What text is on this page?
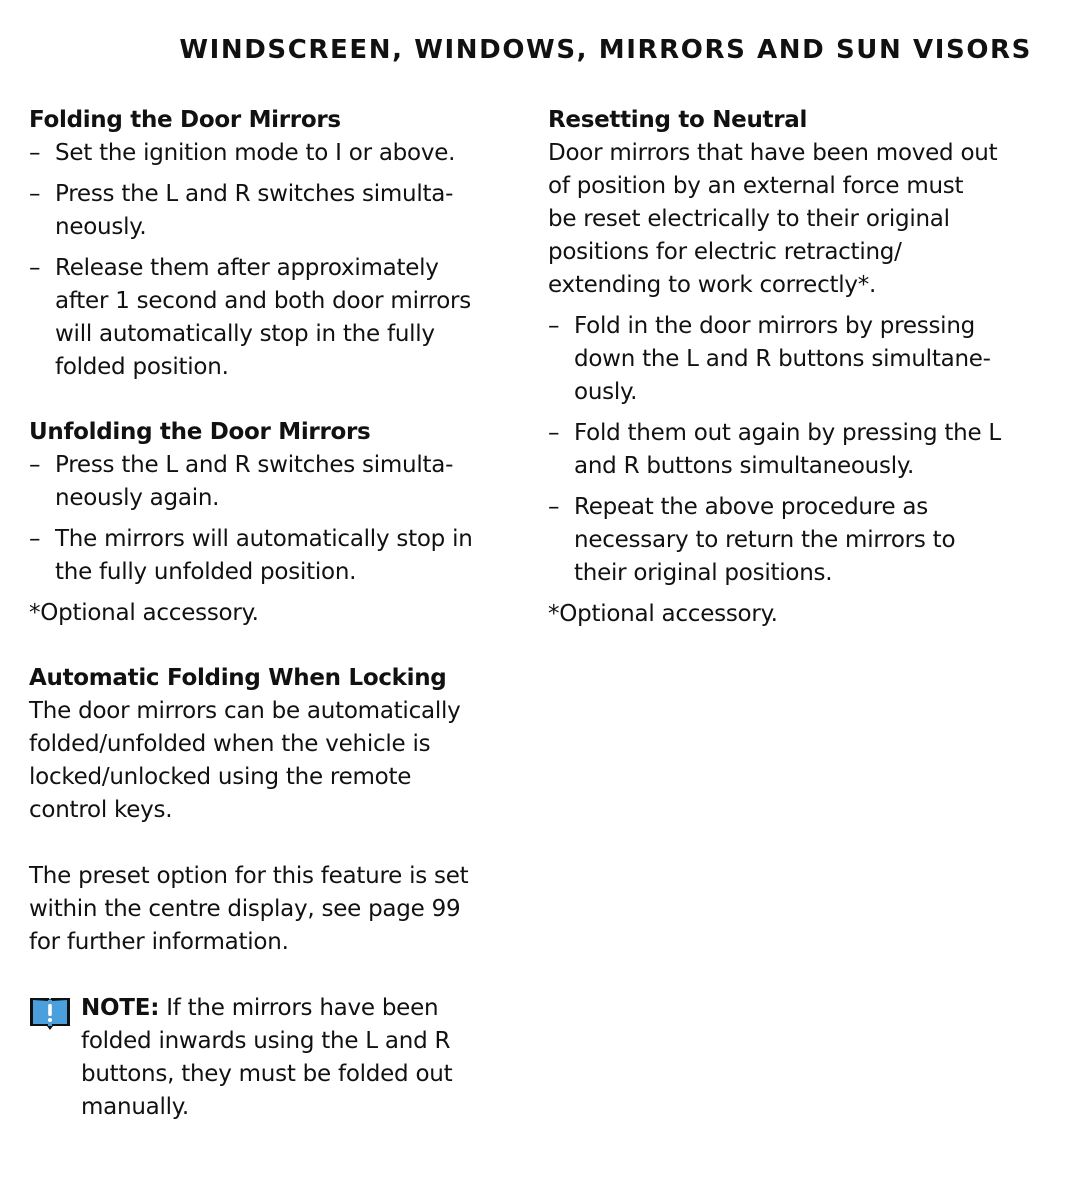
WINDSCREEN, WINDOWS, MIRRORS AND SUN VISORS
Folding the Door Mirrors
– Set the ignition mode to I or above.
– Press the L and R switches simulta-
neously.
– Release them after approximately
after 1 second and both door mirrors
will automatically stop in the fully
folded position.
Unfolding the Door Mirrors
– Press the L and R switches simulta-
neously again.
– The mirrors will automatically stop in
the fully unfolded position.
*Optional accessory.
Automatic Folding When Locking
The door mirrors can be automatically
folded/unfolded when the vehicle is
locked/unlocked using the remote
control keys.
The preset option for this feature is set
within the centre display, see page 99
for further information.
NOTE: If the mirrors have been
folded inwards using the L and R
buttons, they must be folded out
manually.
Resetting to Neutral
Door mirrors that have been moved out
of position by an external force must
be reset electrically to their original
positions for electric retracting/
extending to work correctly*.
– Fold in the door mirrors by pressing
down the L and R buttons simultane-
ously.
– Fold them out again by pressing the L
and R buttons simultaneously.
– Repeat the above procedure as
necessary to return the mirrors to
their original positions.
*Optional accessory.
